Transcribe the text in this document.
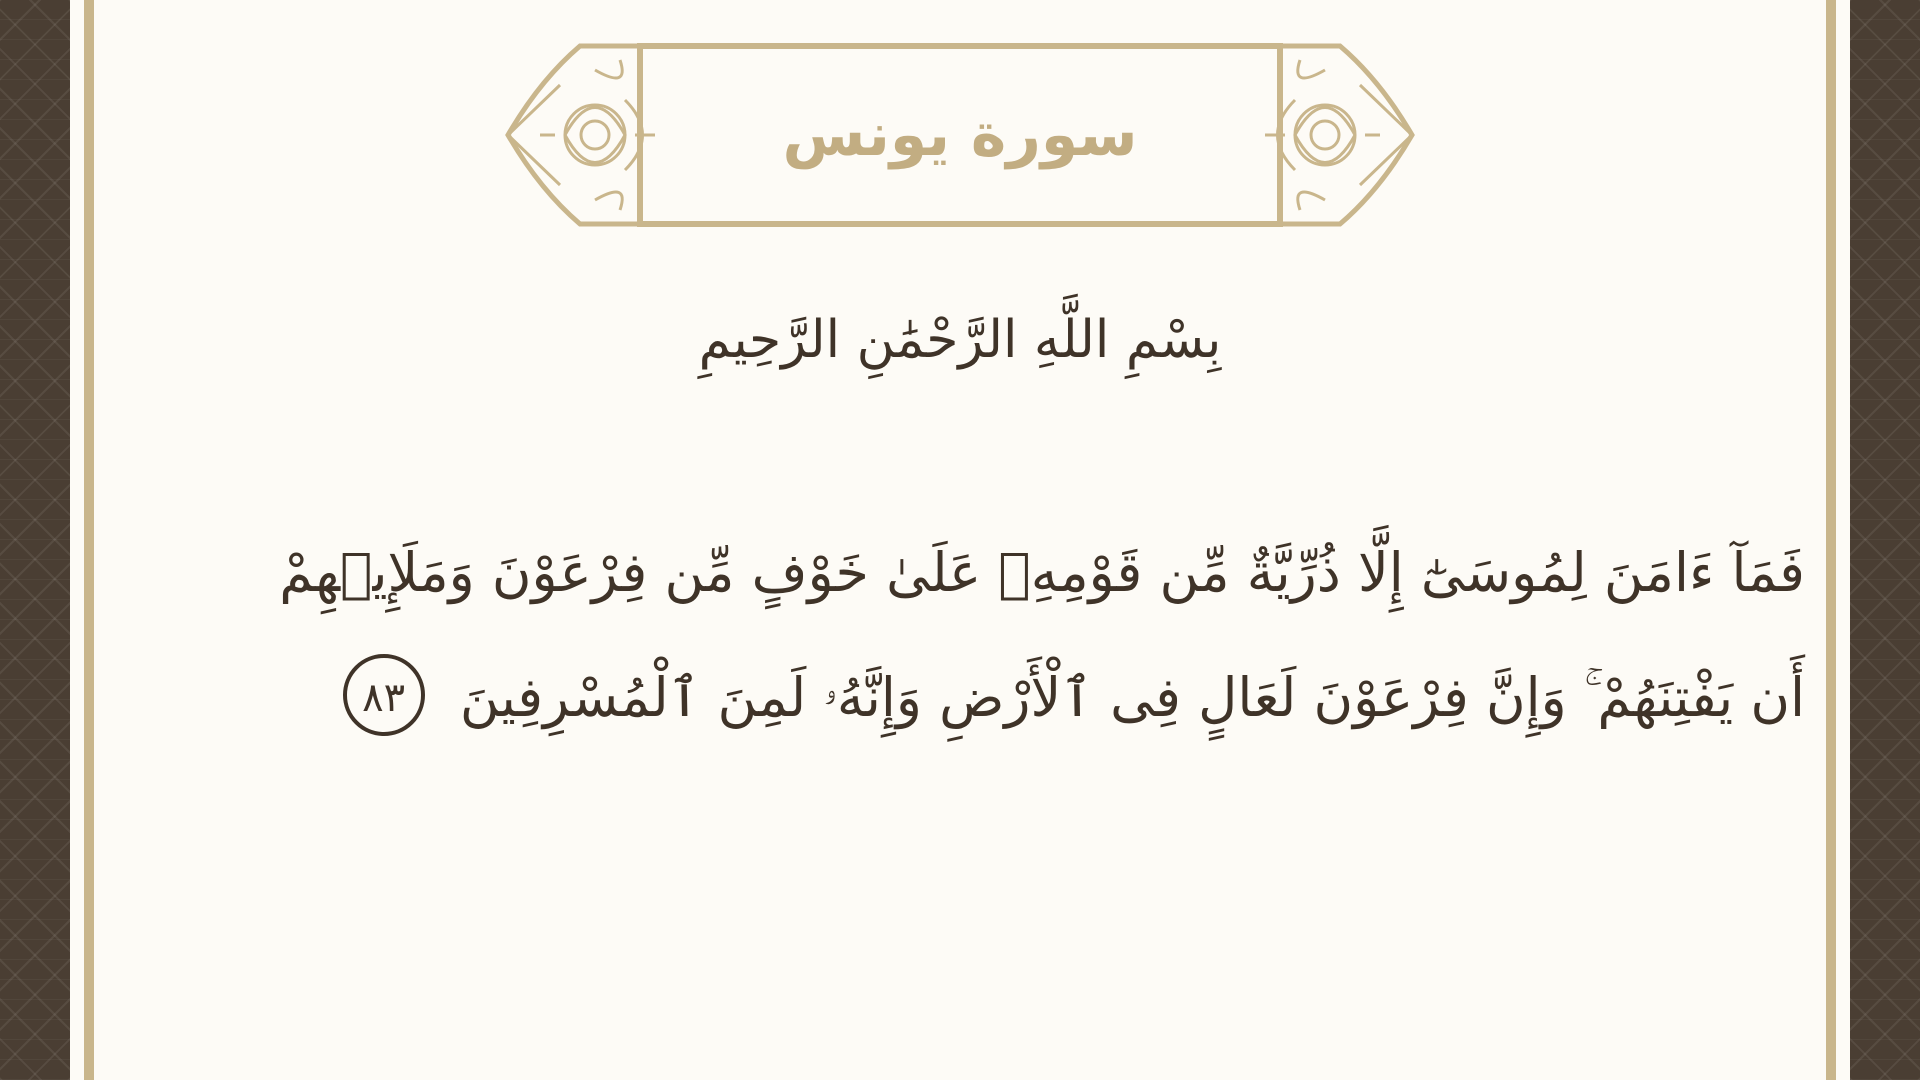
سورة يونس
بِسْمِ اللَّهِ الرَّحْمَٰنِ الرَّحِيمِ
فَمَآ ءَامَنَ لِمُوسَىٰٓ إِلَّا ذُرِّيَّةٌ مِّن قَوْمِهِۦ عَلَىٰ خَوْفٍ مِّن فِرْعَوْنَ وَمَلَإِي۟هِمْ
أَن يَفْتِنَهُمْ ۚ وَإِنَّ فِرْعَوْنَ لَعَالٍ فِى ٱلْأَرْضِ وَإِنَّهُۥ لَمِنَ ٱلْمُسْرِفِينَ ٨٣
